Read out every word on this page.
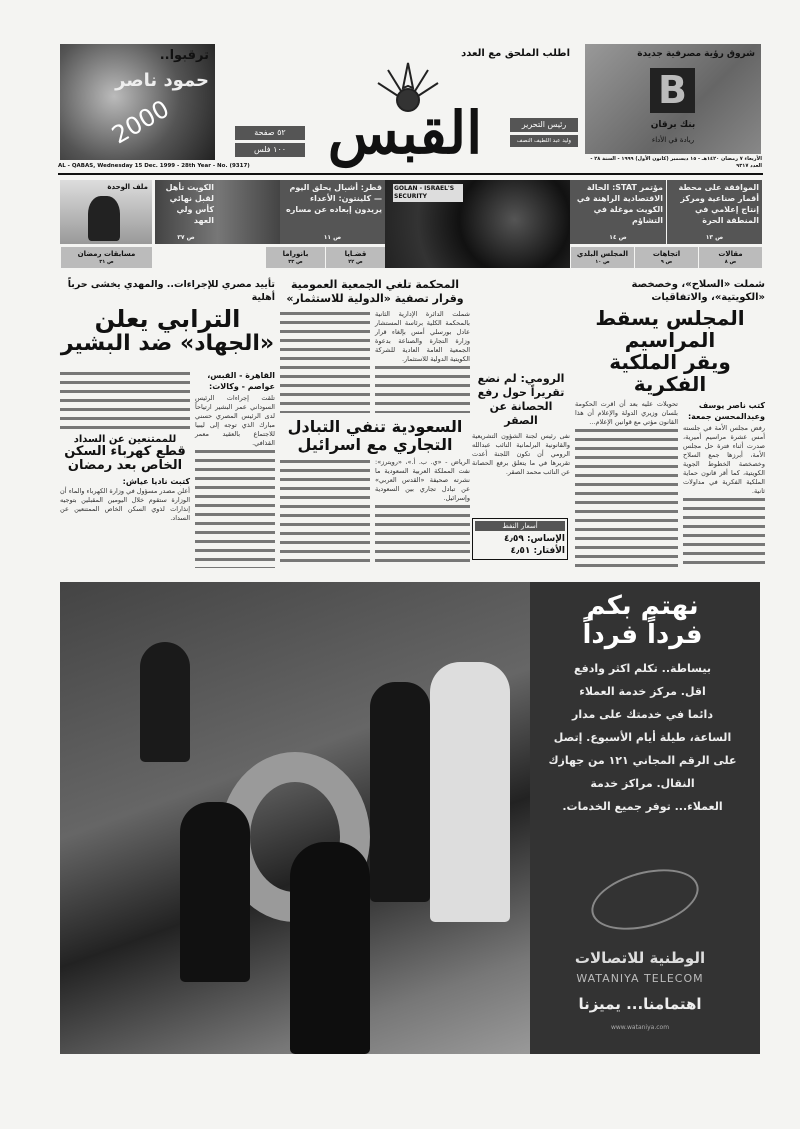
ترقبوا..
حمود ناصر
2000
AL - QABAS, Wednesday 15 Dec. 1999 - 28th Year - No. (9317)
اطلب الملحق مع العدد
القبس
٥٢ صفحة
١٠٠ فلس
رئيس التحرير
وليد عبد اللطيف النصف
شروق رؤية مصرفية جديدة
B
بنك برقان
ريادة في الأداء
الأربعاء ٧ رمضان ١٤٢٠هـ - ١٥ ديسمبر (كانون الأول) ١٩٩٩ - السنة ٢٨ - العدد ٩٣١٧
الموافقة على محطة أقمار صناعية ومركز إنتاج إعلامي في المنطقة الحرة
ص ١٣
مؤتمر STAT: الحالة الاقتصادية الراهنة في الكويت موغلة في التشاؤم
ص ١٤
GOLAN - ISRAEL'S SECURITY
قطر: أشبال يحلق اليوم — كلينتون: الأعداء يريدون إبعاده عن مساره
ص ١١
الكويت تأهل لقبل نهائي كأس ولي العهد
ص ٣٧
ملف الوحدة
مقالات
ص ٨
اتجاهات
ص ٩
المجلس البلدي
ص ١٠
قضـايا
ص ٢٢
بانوراما
ص ٣٣
مسابقات رمضان
ص ٣١
شملت «السلاح»، وخصخصة «الكويتية»، والاتفاقيات
المجلس يسقط المراسيم
ويقر الملكية الفكرية
كتب ناصر يوسف
وعبدالمحسن جمعة:
رفض مجلس الأمة في جلسته أمس عشرة مراسيم أميرية، صدرت أثناء فترة حل مجلس الأمة، أبرزها جمع السلاح وخصخصة الخطوط الجوية الكويتية، كما أقر قانون حماية الملكية الفكرية في مداولات ثانية.
تحويلات عليه بعد أن اقرت الحكومة بلسان وزيري الدولة والإعلام أن هذا القانون مؤتي مع قوانين الإعلام...
الرومي: لم نضع تقريراً حول رفع الحصانة عن الصقر
نفى رئيس لجنة الشؤون التشريعية والقانونية البرلمانية النائب عبدالله الرومي أن تكون اللجنة أعدت تقريرها في ما يتعلق برفع الحصانة عن النائب محمد الصقر.
أسعار النفط
الإساس: ٤٫٥٩
الأفتار: ٤٫٥١
المحكمة تلغي الجمعية العمومية
وقرار تصفية «الدولية للاستثمار»
شملت الدائرة الإدارية الثانية بالمحكمة الكلية برئاسة المستشار عادل بورسلي أمس بإلغاء قرار وزارة التجارة والصناعة بدعوة الجمعية العامة العادية للشركة الكويتية الدولية للاستثمار.
السعودية تنفي التبادل
التجاري مع اسرائيل
الرياض - «ي. ب. أ.»، «رويترز»: نفت المملكة العربية السعودية ما نشرته صحيفة «القدس العربي» عن تبادل تجاري بين السعودية وإسرائيل.
تأييد مصري للإجراءات.. والمهدي يخشى حرباً أهلية
الترابي يعلن
«الجهاد» ضد البشير
القاهرة - القبس،
عواصم - وكالات:
تلقت إجراءات الرئيس السوداني عمر البشير ارتياحاً لدى الرئيس المصري حسني مبارك الذي توجه إلى ليبيا للاجتماع بالعقيد معمر القذافي.
للممتنعين عن السداد
قطع كهرباء السكن
الخاص بعد رمضان
كتبت ناديا عياش:
أعلن مصدر مسؤول في وزارة الكهرباء والماء أن الوزارة ستقوم خلال اليومين المقبلين بتوجيه إنذارات لذوي السكن الخاص الممتنعين عن السداد.
نهتم بكم
فرداً فرداً
بيساطة.. تكلم اكثر وادفع
اقل. مركز خدمة العملاء
دائما في خدمتك على مدار
الساعة، طيلة أيام الأسبوع. إتصل
على الرقم المجاني ١٢١ من جهازك
النقال. مراكز خدمة
العملاء... توفر جميع الخدمات.
الوطنية للاتصالات
WATANIYA TELECOM
اهتمامنا... يميزنا
www.wataniya.com
